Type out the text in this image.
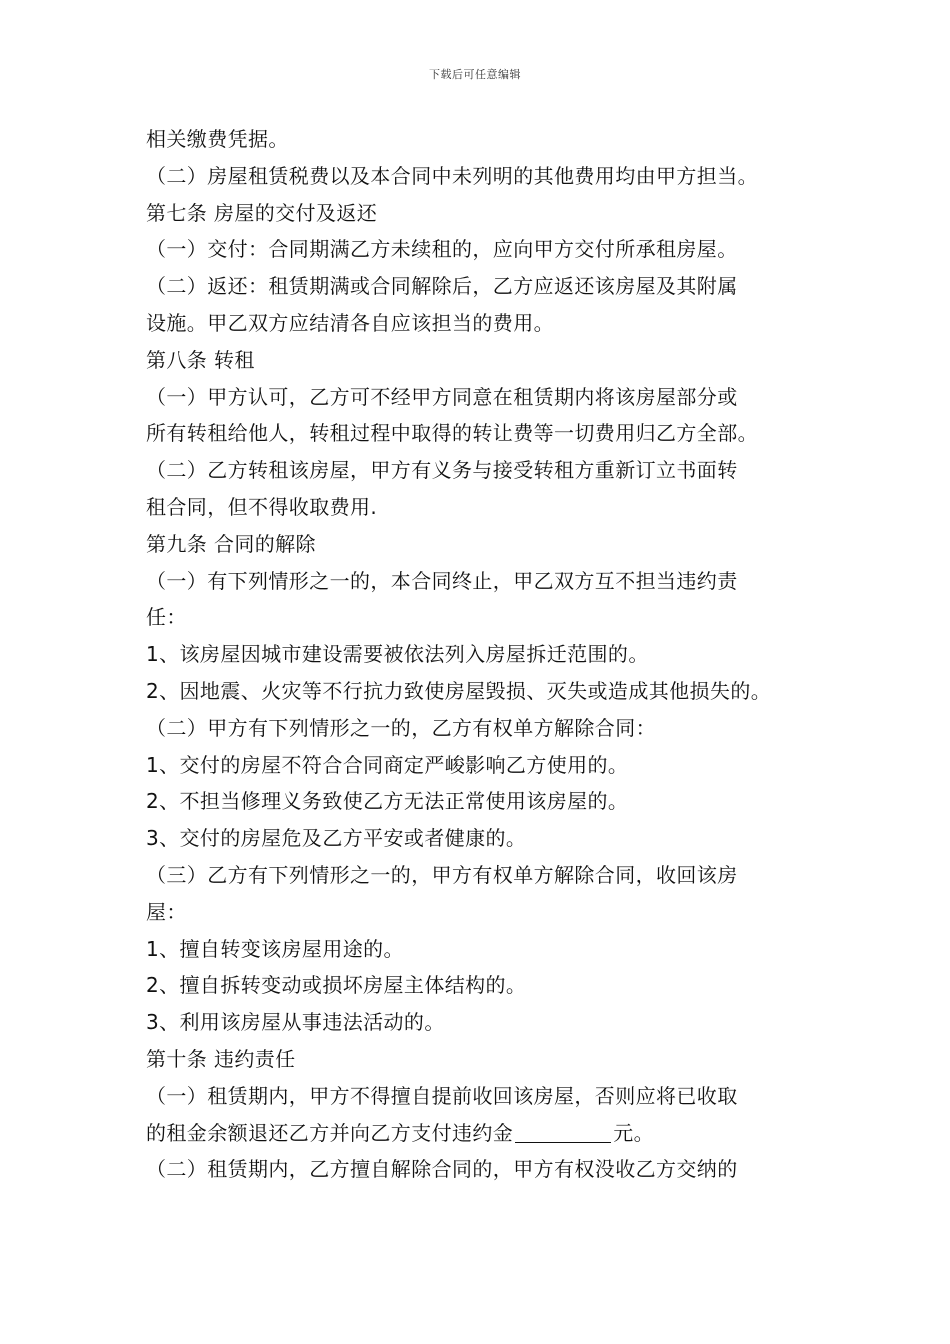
下载后可任意编辑
相关缴费凭据。
（二）房屋租赁税费以及本合同中未列明的其他费用均由甲方担当。
第七条 房屋的交付及返还
（一）交付：合同期满乙方未续租的，应向甲方交付所承租房屋。
（二）返还：租赁期满或合同解除后，乙方应返还该房屋及其附属
设施。甲乙双方应结清各自应该担当的费用。
第八条 转租
（一）甲方认可，乙方可不经甲方同意在租赁期内将该房屋部分或
所有转租给他人，转租过程中取得的转让费等一切费用归乙方全部。
（二）乙方转租该房屋，甲方有义务与接受转租方重新订立书面转
租合同，但不得收取费用.
第九条 合同的解除
（一）有下列情形之一的，本合同终止，甲乙双方互不担当违约责
任：
1、该房屋因城市建设需要被依法列入房屋拆迁范围的。
2、因地震、火灾等不行抗力致使房屋毁损、灭失或造成其他损失的。
（二）甲方有下列情形之一的，乙方有权单方解除合同：
1、交付的房屋不符合合同商定严峻影响乙方使用的。
2、不担当修理义务致使乙方无法正常使用该房屋的。
3、交付的房屋危及乙方平安或者健康的。
（三）乙方有下列情形之一的，甲方有权单方解除合同，收回该房
屋：
1、擅自转变该房屋用途的。
2、擅自拆转变动或损坏房屋主体结构的。
3、利用该房屋从事违法活动的。
第十条 违约责任
（一）租赁期内，甲方不得擅自提前收回该房屋，否则应将已收取
的租金余额退还乙方并向乙方支付违约金	元。
（二）租赁期内，乙方擅自解除合同的，甲方有权没收乙方交纳的
